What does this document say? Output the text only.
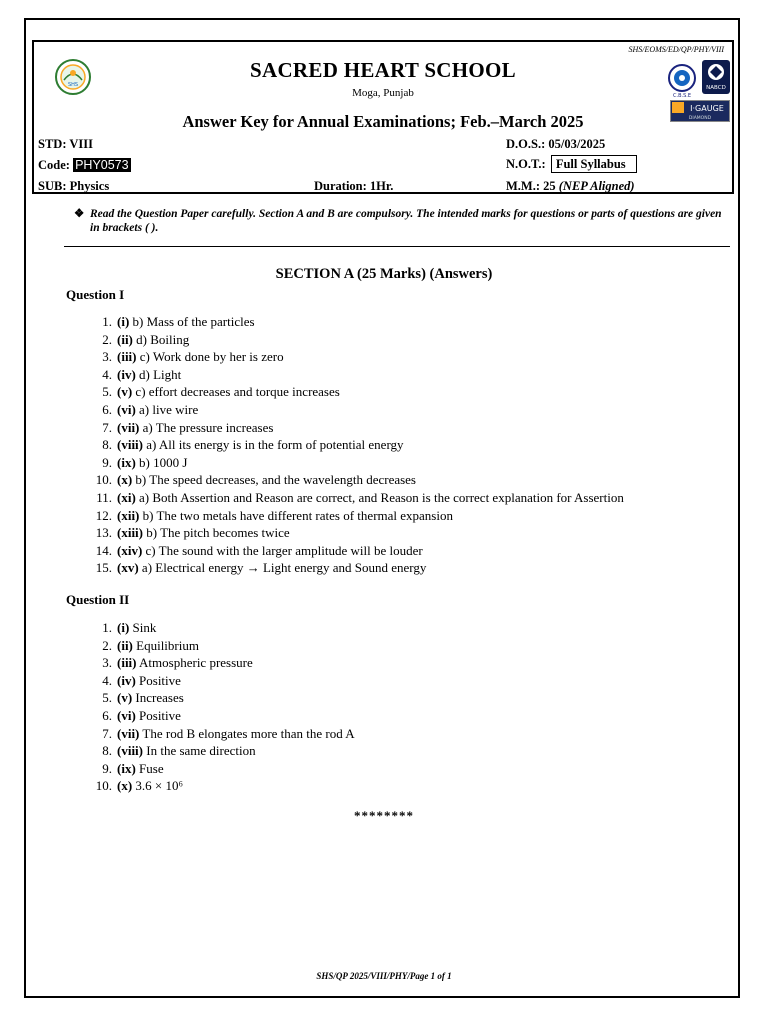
SHS/EOMS/ED/QP/PHY/VIII
SHS
SACRED HEART SCHOOL
Moga, Punjab
Answer Key for Annual Examinations; Feb.–March 2025
C.B.S.E
NABCD
I·GAUGE
DIAMOND
STD: VIII
Code: PHY0573
SUB: Physics	Duration: 1Hr.
D.O.S.: 05/03/2025
N.O.T.: Full Syllabus
M.M.: 25 (NEP Aligned)
❖ Read the Question Paper carefully. Section A and B are compulsory. The intended marks for questions or parts of questions are given in brackets ( ).
SECTION A (25 Marks) (Answers)
Question I
1. (i) b) Mass of the particles
2. (ii) d) Boiling
3. (iii) c) Work done by her is zero
4. (iv) d) Light
5. (v) c) effort decreases and torque increases
6. (vi) a) live wire
7. (vii) a) The pressure increases
8. (viii) a) All its energy is in the form of potential energy
9. (ix) b) 1000 J
10. (x) b) The speed decreases, and the wavelength decreases
11. (xi) a) Both Assertion and Reason are correct, and Reason is the correct explanation for Assertion
12. (xii) b) The two metals have different rates of thermal expansion
13. (xiii) b) The pitch becomes twice
14. (xiv) c) The sound with the larger amplitude will be louder
15. (xv) a) Electrical energy → Light energy and Sound energy
Question II
1. (i) Sink
2. (ii) Equilibrium
3. (iii) Atmospheric pressure
4. (iv) Positive
5. (v) Increases
6. (vi) Positive
7. (vii) The rod B elongates more than the rod A
8. (viii) In the same direction
9. (ix) Fuse
10. (x) 3.6 × 10⁶
********
SHS/QP 2025/VIII/PHY/Page 1 of 1
